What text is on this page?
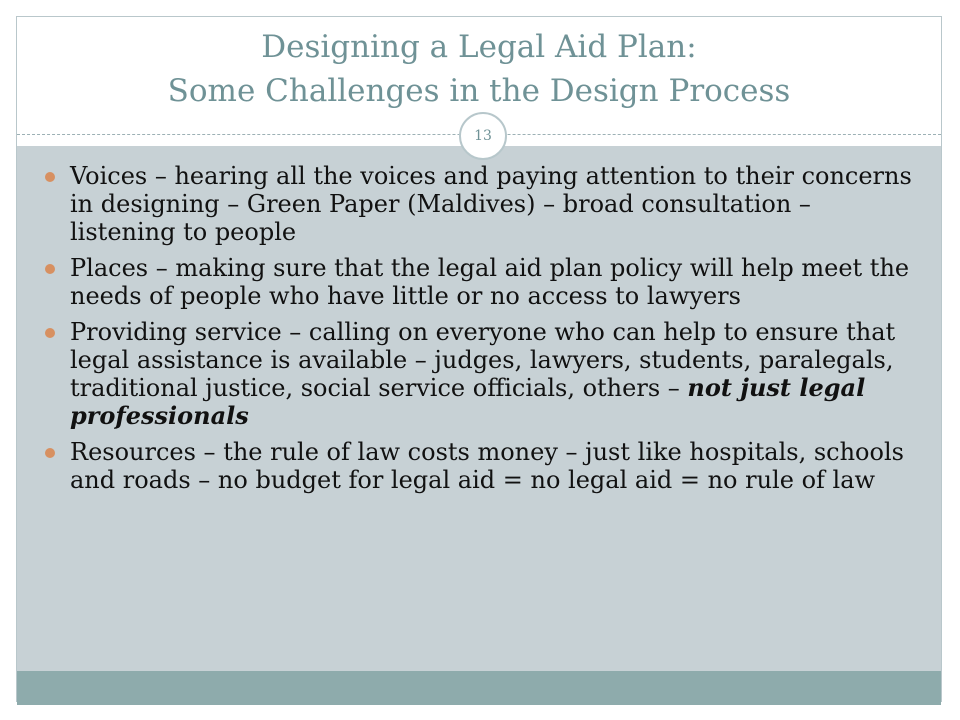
Designing a Legal Aid Plan:
Some Challenges in the Design Process
13
Voices – hearing all the voices and paying attention to their concerns in designing – Green Paper (Maldives) – broad consultation – listening to people
Places – making sure that the legal aid plan policy will help meet the needs of people who have little or no access to lawyers
Providing service – calling on everyone who can help to ensure that legal assistance is available – judges, lawyers, students, paralegals, traditional justice, social service officials, others – not just legal professionals
Resources – the rule of law costs money – just like hospitals, schools and roads – no budget for legal aid = no legal aid = no rule of law
